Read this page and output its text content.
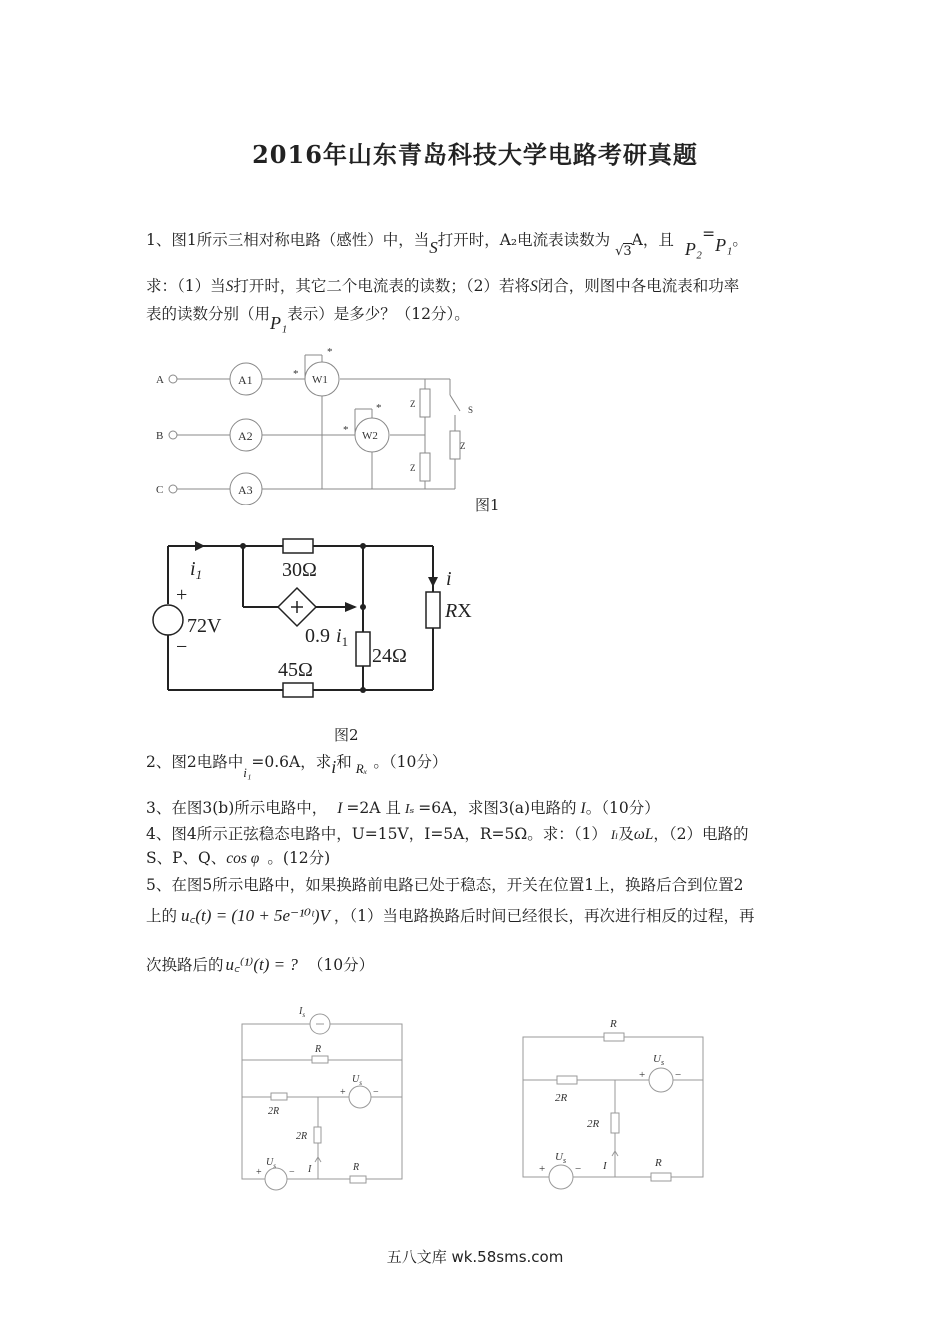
2016年山东青岛科技大学电路考研真题
1、图1所示三相对称电路（感性）中，当S打开时，A₂电流表读数为 $_{√3}$A，且 P₂=P₁。
求：（1）当S打开时，其它二个电流表的读数；（2）若将S闭合，则图中各电流表和功率
表的读数分别（用P₁表示）是多少？（12分）。
A
B
C
A1
A2
A3
W1
W2
*
*
*
*	Z
Z
Z
S
图1
$i_1$	30Ω
+
72V
−	0.9 $i_1$
24Ω
45Ω
i
RX
图2
2、图2电路中$_{i_1}$=0.6A，求i和 $_{R_x}$ 。（10分）
3、在图3(b)所示电路中， I =2A 且 Iₛ =6A，求图3(a)电路的 I。（10分）
4、图4所示正弦稳态电路中，U=15V，I=5A，R=5Ω。求：（1） Iₗ及ωL，（2）电路的
S、P、Q、cos φ 。(12分)
5、在图5所示电路中，如果换路前电路已处于稳态，开关在位置1上，换路后合到位置2
上的 u꜀(t) = (10 + 5e⁻¹⁰ᵗ)V ，（1）当电路换路后时间已经很长，再次进行相反的过程，再
次换路后的 u꜀⁽¹⁾(t) = ? （10分）
$I_s$
R
$U_s$
+	−
2R
2R
$U_s$
+	− I	R
R
$U_s$
+	−
2R
2R
$U_s$
+	− I	R
五八文库 wk.58sms.com
